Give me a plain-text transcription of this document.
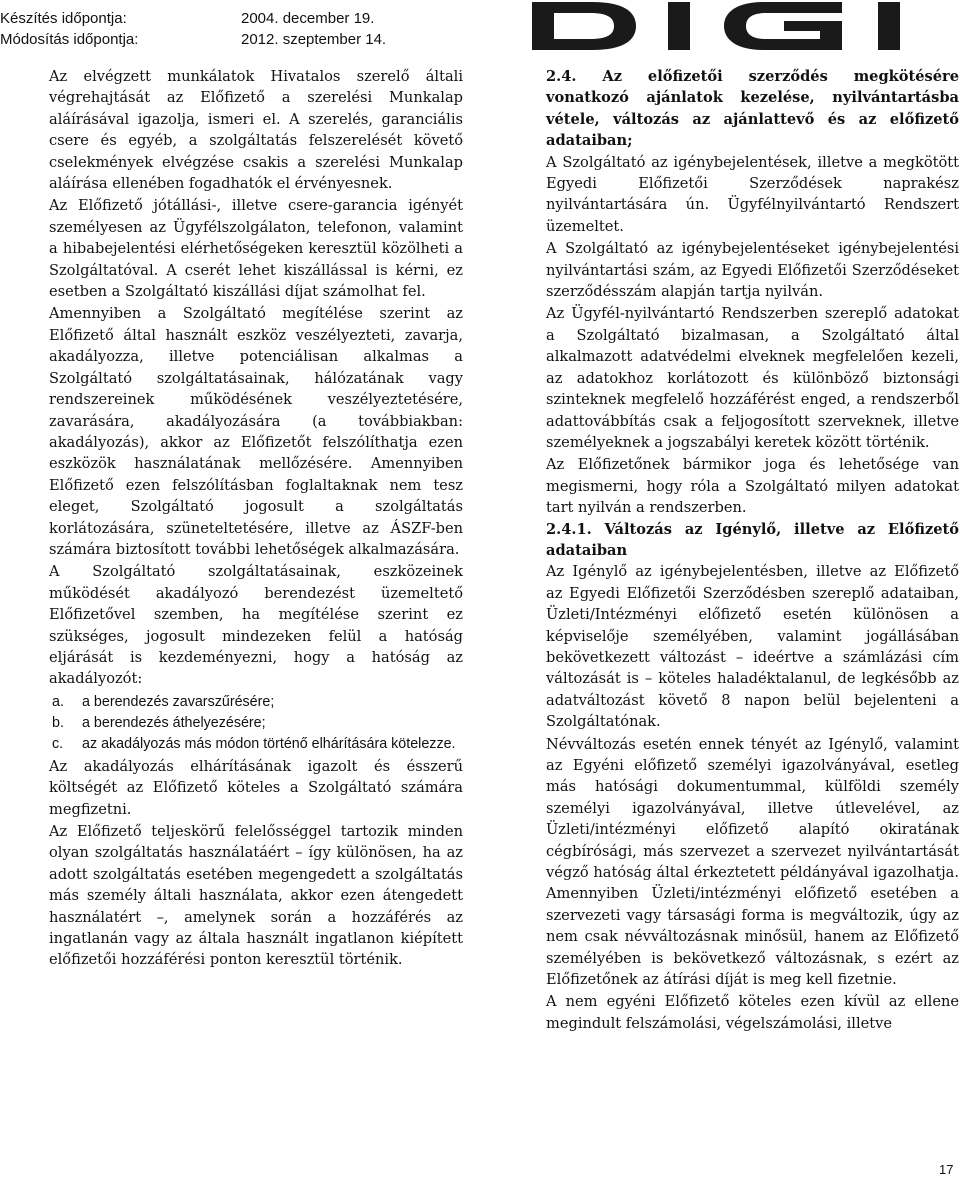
Készítés időpontja:	2004. december 19.
Módosítás időpontja:	2012. szeptember 14.

Az elvégzett munkálatok Hivatalos szerelő általi végrehajtását az Előfizető a szerelési Munkalap aláírásával igazolja, ismeri el. A szerelés, garanciális csere és egyéb, a szolgáltatás felszerelését követő cselekmények elvégzése csakis a szerelési Munkalap aláírása ellenében fogadhatók el érvényesnek.

Az Előfizető jótállási-, illetve csere-garancia igényét személyesen az Ügyfélszolgálaton, telefonon, valamint a hibabejelentési elérhetőségeken keresztül közölheti a Szolgáltatóval. A cserét lehet kiszállással is kérni, ez esetben a Szolgáltató kiszállási díjat számolhat fel.

Amennyiben a Szolgáltató megítélése szerint az Előfizető által használt eszköz veszélyezteti, zavarja, akadályozza, illetve potenciálisan alkalmas a Szolgáltató szolgáltatásainak, hálózatának vagy rendszereinek működésének veszélyeztetésére, zavarására, akadályozására (a továbbiakban: akadályozás), akkor az Előfizetőt felszólíthatja ezen eszközök használatának mellőzésére. Amennyiben Előfizető ezen felszólításban foglaltaknak nem tesz eleget, Szolgáltató jogosult a szolgáltatás korlátozására, szüneteltetésére, illetve az ÁSZF-ben számára biztosított további lehetőségek alkalmazására.

A Szolgáltató szolgáltatásainak, eszközeinek működését akadályozó berendezést üzemeltető Előfizetővel szemben, ha megítélése szerint ez szükséges, jogosult mindezeken felül a hatóság eljárását is kezdeményezni, hogy a hatóság az akadályozót:

a. a berendezés zavarszűrésére;
b. a berendezés áthelyezésére;
c. az akadályozás más módon történő elhárítására kötelezze.

Az akadályozás elhárításának igazolt és ésszerű költségét az Előfizető köteles a Szolgáltató számára megfizetni.

Az Előfizető teljeskörű felelősséggel tartozik minden olyan szolgáltatás használatáért – így különösen, ha az adott szolgáltatás esetében megengedett a szolgáltatás más személy általi használata, akkor ezen átengedett használatért –, amelynek során a hozzáférés az ingatlanán vagy az általa használt ingatlanon kiépített előfizetői hozzáférési ponton keresztül történik.

2.4. Az előfizetői szerződés megkötésére vonatkozó ajánlatok kezelése, nyilvántartásba vétele, változás az ajánlattevő és az előfizető adataiban;

A Szolgáltató az igénybejelentések, illetve a megkötött Egyedi Előfizetői Szerződések naprakész nyilvántartására ún. Ügyfélnyilvántartó Rendszert üzemeltet.

A Szolgáltató az igénybejelentéseket igénybejelentési nyilvántartási szám, az Egyedi Előfizetői Szerződéseket szerződésszám alapján tartja nyilván.

Az Ügyfél-nyilvántartó Rendszerben szereplő adatokat a Szolgáltató bizalmasan, a Szolgáltató által alkalmazott adatvédelmi elveknek megfelelően kezeli, az adatokhoz korlátozott és különböző biztonsági szinteknek megfelelő hozzáférést enged, a rendszerből adattovábbítás csak a feljogosított szerveknek, illetve személyeknek a jogszabályi keretek között történik.

Az Előfizetőnek bármikor joga és lehetősége van megismerni, hogy róla a Szolgáltató milyen adatokat tart nyilván a rendszerben.

2.4.1. Változás az Igénylő, illetve az Előfizető adataiban

Az Igénylő az igénybejelentésben, illetve az Előfizető az Egyedi Előfizetői Szerződésben szereplő adataiban, Üzleti/Intézményi előfizető esetén különösen a képviselője személyében, valamint jogállásában bekövetkezett változást – ideértve a számlázási cím változását is – köteles haladéktalanul, de legkésőbb az adatváltozást követő 8 napon belül bejelenteni a Szolgáltatónak.

Névváltozás esetén ennek tényét az Igénylő, valamint az Egyéni előfizető személyi igazolványával, esetleg más hatósági dokumentummal, külföldi személy személyi igazolványával, illetve útlevelével, az Üzleti/intézményi előfizető alapító okiratának cégbírósági, más szervezet a szervezet nyilvántartását végző hatóság által érkeztetett példányával igazolhatja. Amennyiben Üzleti/intézményi előfizető esetében a szervezeti vagy társasági forma is megváltozik, úgy az nem csak névváltozásnak minősül, hanem az Előfizető személyében is bekövetkező változásnak, s ezért az Előfizetőnek az átírási díját is meg kell fizetnie.

A nem egyéni Előfizető köteles ezen kívül az ellene megindult felszámolási, végelszámolási, illetve

17
